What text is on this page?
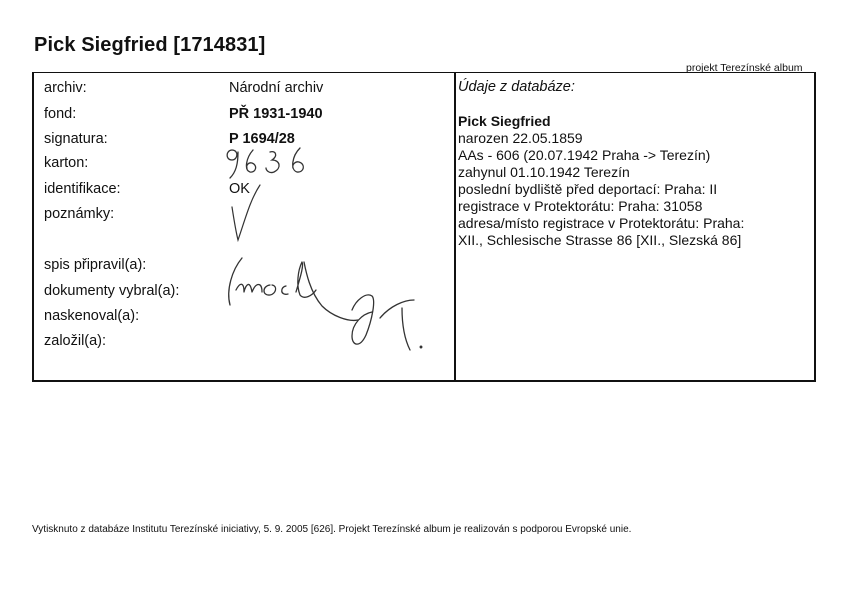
Pick Siegfried [1714831]
projekt Terezínské album
archiv:
fond:
signatura:
karton:
identifikace:
poznámky:
spis připravil(a):
dokumenty vybral(a):
naskenoval(a):
založil(a):
Národní archiv
PŘ 1931-1940
P 1694/28
OK
Údaje z databáze:
Pick Siegfried
narozen 22.05.1859
AAs - 606 (20.07.1942 Praha -> Terezín)
zahynul 01.10.1942 Terezín
poslední bydliště před deportací: Praha: II
registrace v Protektorátu: Praha: 31058
adresa/místo registrace v Protektorátu: Praha:
XII., Schlesische Strasse 86 [XII., Slezská 86]
Vytisknuto z databáze Institutu Terezínské iniciativy, 5. 9. 2005 [626]. Projekt Terezínské album je realizován s podporou Evropské unie.
